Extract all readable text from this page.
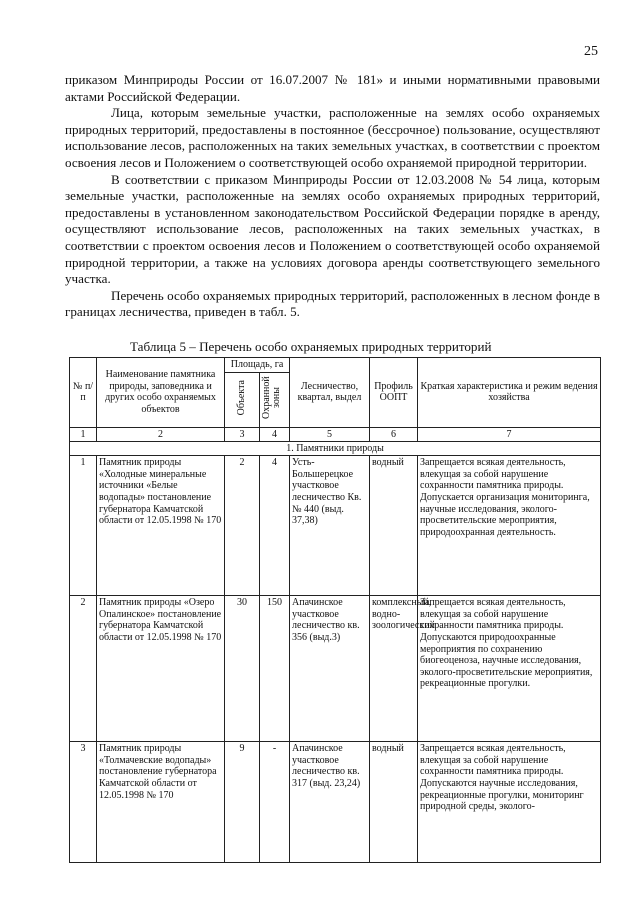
25

приказом Минприроды России от 16.07.2007 № 181» и иными нормативными правовыми актами Российской Федерации.

Лица, которым земельные участки, расположенные на землях особо охраняемых природных территорий, предоставлены в постоянное (бессрочное) пользование, осуществляют использование лесов, расположенных на таких земельных участках, в соответствии с проектом освоения лесов и Положением о соответствующей особо охраняемой природной территории.

В соответствии с приказом Минприроды России от 12.03.2008 № 54 лица, которым земельные участки, расположенные на землях особо охраняемых природных территорий, предоставлены в установленном законодательством Российской Федерации порядке в аренду, осуществляют использование лесов, расположенных на таких земельных участках, в соответствии с проектом освоения лесов и Положением о соответствующей особо охраняемой природной территории, а также на условиях договора аренды соответствующего земельного участка.

Перечень особо охраняемых природных территорий, расположенных в лесном фонде в границах лесничества, приведен в табл. 5.

Таблица 5 – Перечень особо охраняемых природных территорий
№ п/п	Наименование памятника природы, заповедника и других особо охраняемых объектов	Площадь, га		Лесничество, квартал, выдел	Профиль ООПТ	Краткая характеристика и режим ведения хозяйства
		Объекта	Охранной зоны			
1	2	3	4	5	6	7
1. Памятники природы						
1	Памятник природы «Холодные минеральные источники «Белые водопады» постановление губернатора Камчатской области от 12.05.1998 № 170	2	4	Усть-Большерецкое участковое лесничество Кв. № 440 (выд. 37,38)	водный	Запрещается всякая деятельность, влекущая за собой нарушение сохранности памятника природы. Допускается организация мониторинга, научные исследования, эколого-просветительские мероприятия, природоохранная деятельность.
2	Памятник природы «Озеро Опалинское» постановление губернатора Камчатской области от 12.05.1998 № 170	30	150	Апачинское участковое лесничество кв. 356 (выд.3)	комплексный, водно-зоологический	Запрещается всякая деятельность, влекущая за собой нарушение сохранности памятника природы. Допускаются природоохранные мероприятия по сохранению биогеоценоза, научные исследования, эколого-просветительские мероприятия, рекреационные прогулки.
3	Памятник природы «Толмачевские водопады» постановление губернатора Камчатской области от 12.05.1998 № 170	9	-	Апачинское участковое лесничество кв. 317 (выд. 23,24)	водный	Запрещается всякая деятельность, влекущая за собой нарушение сохранности памятника природы. Допускаются научные исследования, рекреационные прогулки, мониторинг природной среды, эколого-
